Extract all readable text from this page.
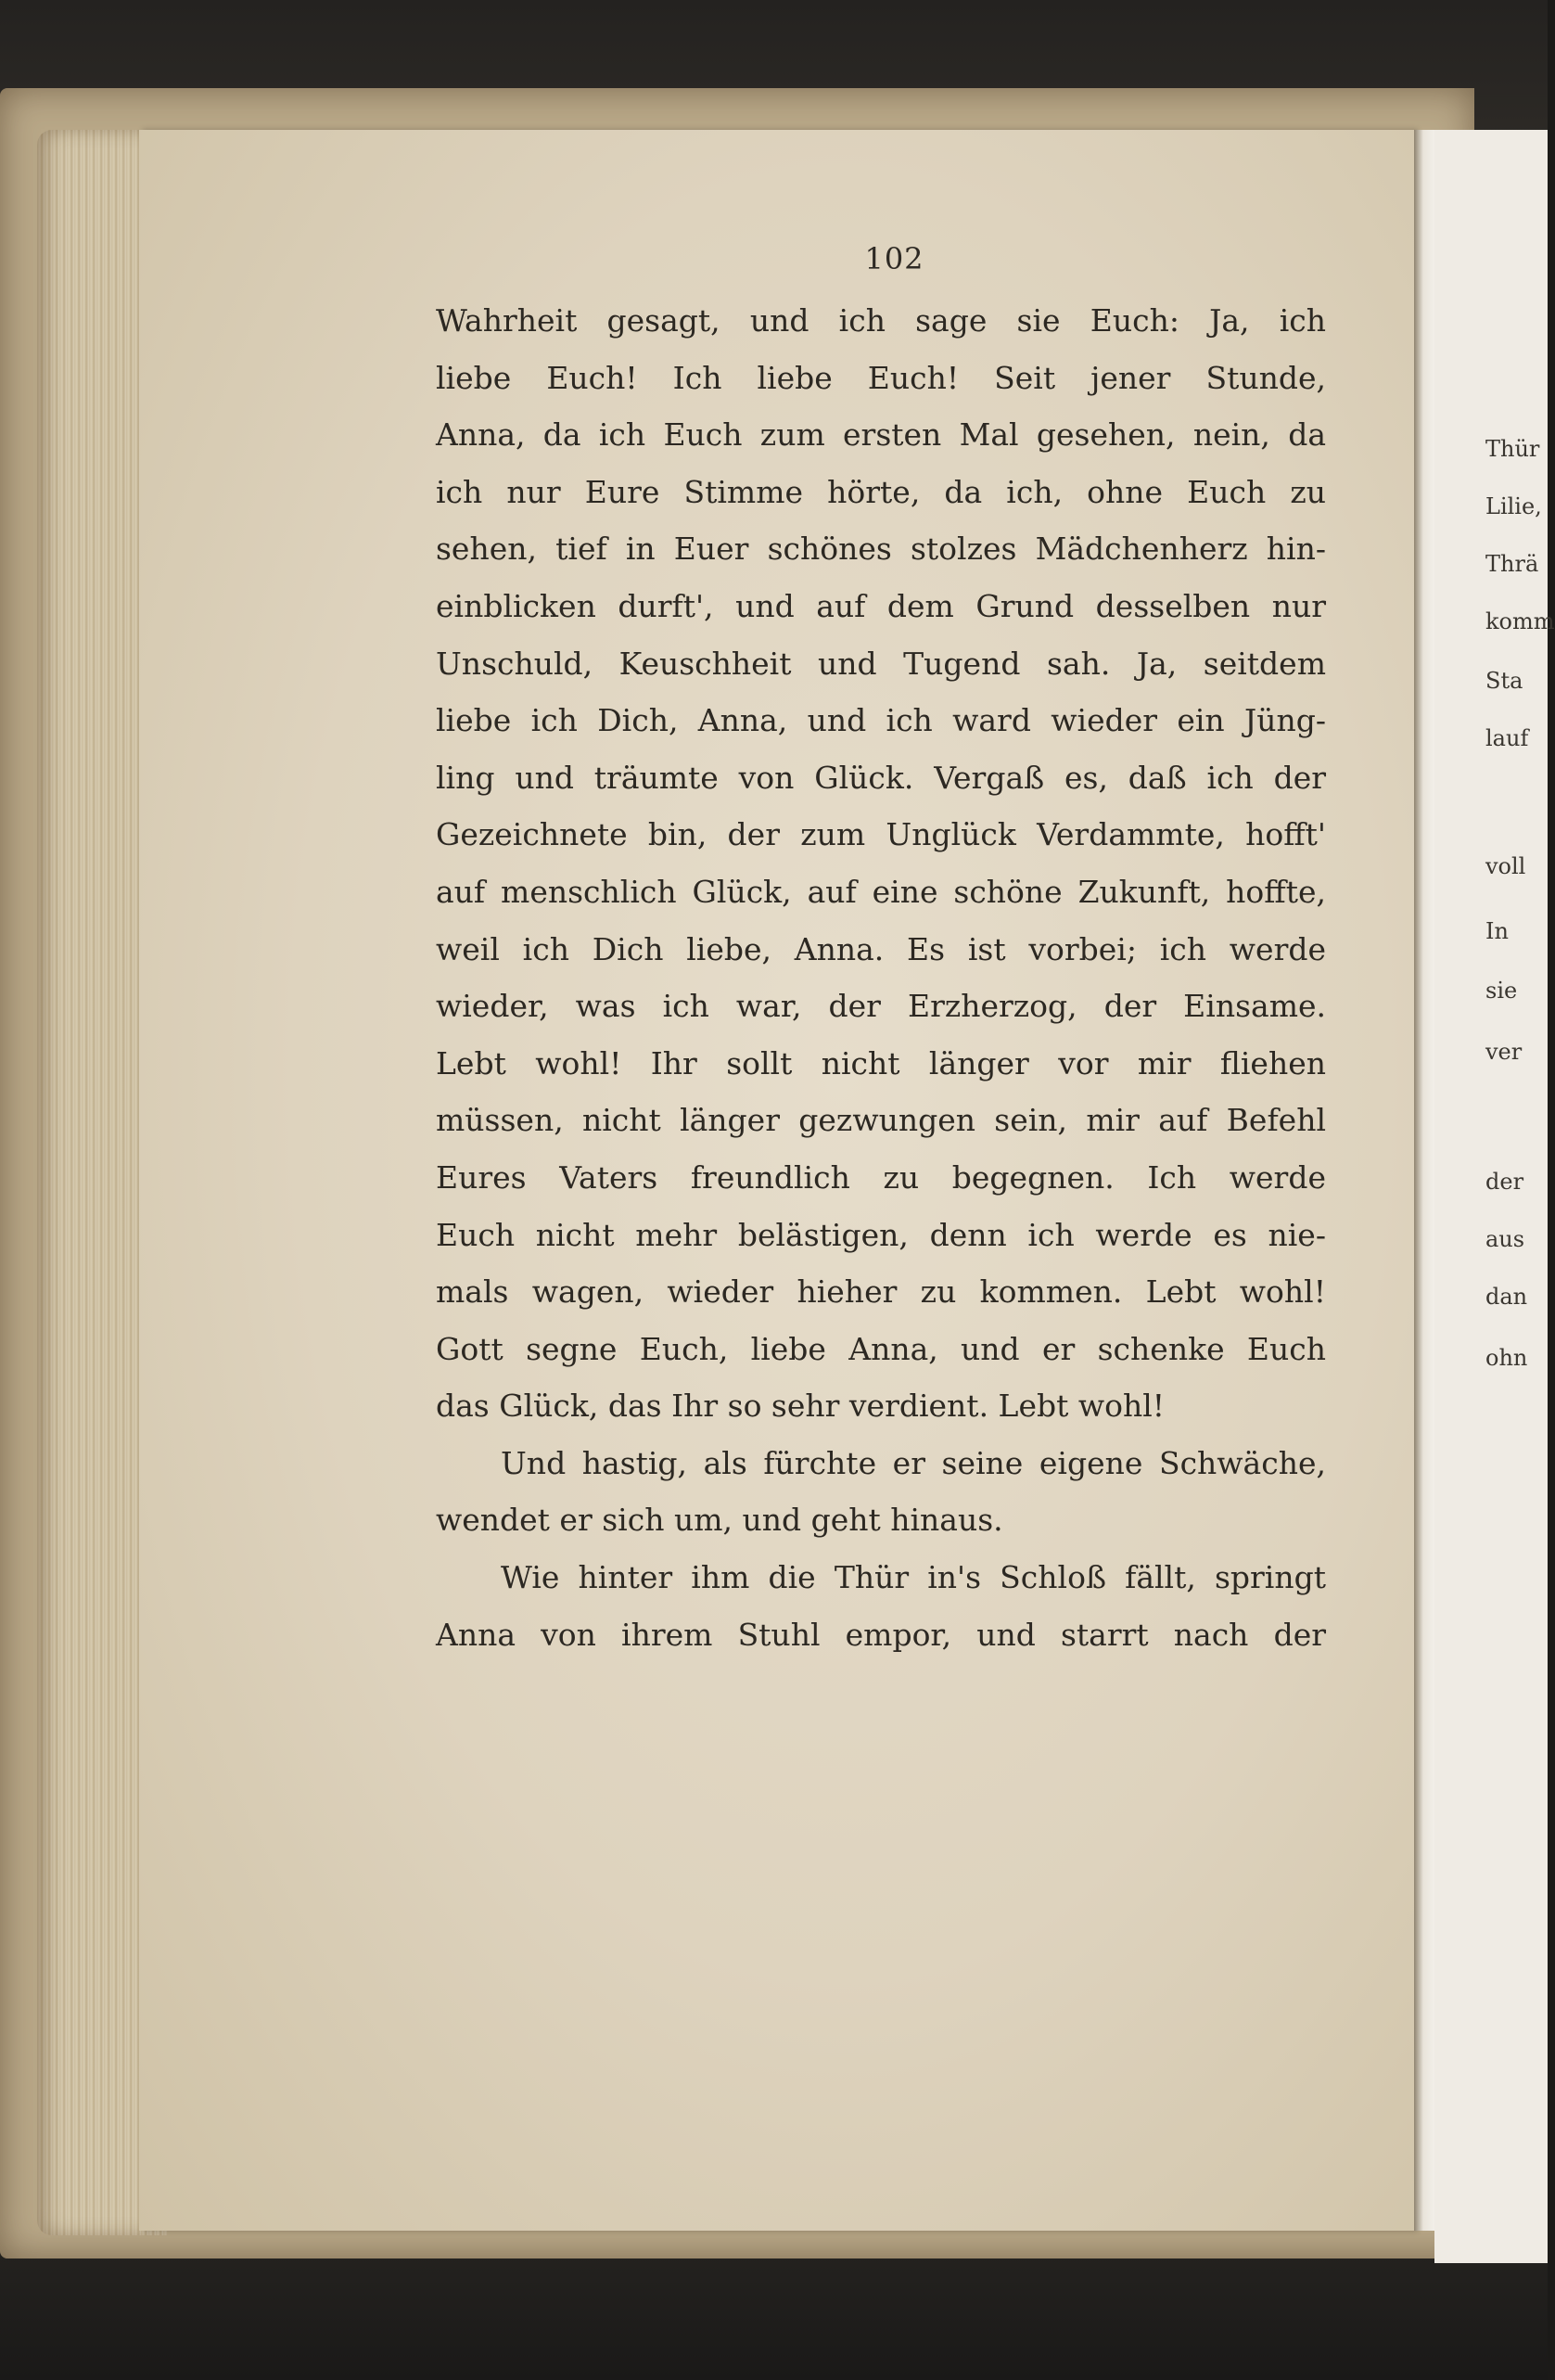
102
Wahrheit gesagt, und ich sage sie Euch: Ja, ich
liebe Euch! Ich liebe Euch! Seit jener Stunde,
Anna, da ich Euch zum ersten Mal gesehen, nein, da
ich nur Eure Stimme hörte, da ich, ohne Euch zu
sehen, tief in Euer schönes stolzes Mädchenherz hin-
einblicken durft', und auf dem Grund desselben nur
Unschuld, Keuschheit und Tugend sah. Ja, seitdem
liebe ich Dich, Anna, und ich ward wieder ein Jüng-
ling und träumte von Glück. Vergaß es, daß ich der
Gezeichnete bin, der zum Unglück Verdammte, hofft'
auf menschlich Glück, auf eine schöne Zukunft, hoffte,
weil ich Dich liebe, Anna. Es ist vorbei; ich werde
wieder, was ich war, der Erzherzog, der Einsame.
Lebt wohl! Ihr sollt nicht länger vor mir fliehen
müssen, nicht länger gezwungen sein, mir auf Befehl
Eures Vaters freundlich zu begegnen. Ich werde
Euch nicht mehr belästigen, denn ich werde es nie-
mals wagen, wieder hieher zu kommen. Lebt wohl!
Gott segne Euch, liebe Anna, und er schenke Euch
das Glück, das Ihr so sehr verdient. Lebt wohl!
Und hastig, als fürchte er seine eigene Schwäche,
wendet er sich um, und geht hinaus.
Wie hinter ihm die Thür in's Schloß fällt, springt
Anna von ihrem Stuhl empor, und starrt nach der
Thür
Lilie,
Thrä
komm
Sta
lauf
voll
In
sie
ver
der
aus
dan
ohn
